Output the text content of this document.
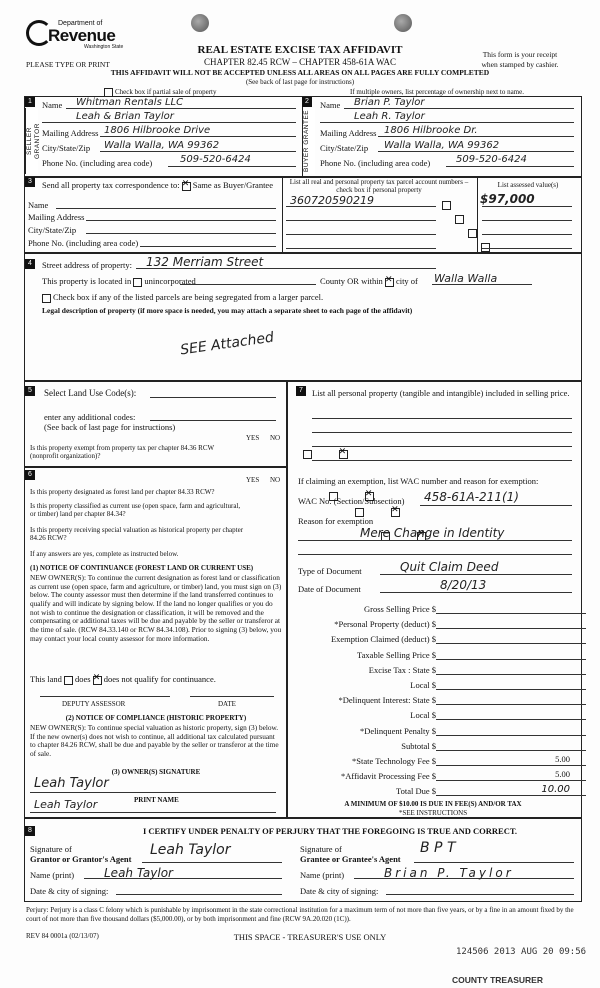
Department of
Revenue
Washington State
PLEASE TYPE OR PRINT
REAL ESTATE EXCISE TAX AFFIDAVIT
CHAPTER 82.45 RCW – CHAPTER 458-61A WAC
THIS AFFIDAVIT WILL NOT BE ACCEPTED UNLESS ALL AREAS ON ALL PAGES ARE FULLY COMPLETED
(See back of last page for instructions)
This form is your receipt
when stamped by cashier.
Check box if partial sale of property	If multiple owners, list percentage of ownership next to name.
1
SELLER GRANTOR
Name Whitman Rentals LLC
Leah & Brian Taylor
Mailing Address 1806 Hilbrooke Drive
City/State/Zip Walla Walla, WA 99362
Phone No. (including area code)	509-520-6424
2
BUYER GRANTEE
Name Brian P. Taylor
Leah R. Taylor
Mailing Address 1806 Hilbrooke Dr.
City/State/Zip Walla Walla, WA 99362
Phone No. (including area code)	509-520-6424
3	Send all property tax correspondence to: ✕ Same as Buyer/Grantee
Name
Mailing Address
City/State/Zip
Phone No. (including area code)
List all real and personal property tax parcel account numbers – check box if personal property
List assessed value(s)
360720590219	$97,000

4	Street address of property: 132 Merriam Street
This property is located in unincorporated	County OR within ✕ city of Walla Walla
Check box if any of the listed parcels are being segregated from a larger parcel.
Legal description of property (if more space is needed, you may attach a separate sheet to each page of the affidavit)
SEE Attached
5	Select Land Use Code(s):
enter any additional codes:
(See back of last page for instructions)
YES NO
Is this property exempt from property tax per chapter 84.36 RCW (nonprofit organization)?
✕
6
YES NO
Is this property designated as forest land per chapter 84.33 RCW?
✕
Is this property classified as current use (open space, farm and agricultural, or timber) land per chapter 84.34?
✕
Is this property receiving special valuation as historical property per chapter 84.26 RCW?
✕
If any answers are yes, complete as instructed below.
(1) NOTICE OF CONTINUANCE (FOREST LAND OR CURRENT USE)
NEW OWNER(S): To continue the current designation as forest land or classification as current use (open space, farm and agriculture, or timber) land, you must sign on (3) below. The county assessor must then determine if the land transferred continues to qualify and will indicate by signing below. If the land no longer qualifies or you do not wish to continue the designation or classification, it will be removed and the compensating or additional taxes will be due and payable by the seller or transferor at the time of sale. (RCW 84.33.140 or RCW 84.34.108). Prior to signing (3) below, you may contact your local county assessor for more information.
This land does ✕ does not qualify for continuance.
DEPUTY ASSESSOR	DATE
(2) NOTICE OF COMPLIANCE (HISTORIC PROPERTY)
NEW OWNER(S): To continue special valuation as historic property, sign (3) below. If the new owner(s) does not wish to continue, all additional tax calculated pursuant to chapter 84.26 RCW, shall be due and payable by the seller or transferor at the time of sale.
(3) OWNER(S) SIGNATURE
Leah Taylor
PRINT NAME
Leah Taylor
7	List all personal property (tangible and intangible) included in selling price.
If claiming an exemption, list WAC number and reason for exemption:
WAC No. (Section/Subsection) 458-61A-211(1)
Reason for exemption
Mere Change in Identity
Type of Document	Quit Claim Deed
Date of Document	8/20/13
Gross Selling Price $
*Personal Property (deduct) $
Exemption Claimed (deduct) $
Taxable Selling Price $
Excise Tax : State $
Local $
*Delinquent Interest: State $
Local $
*Delinquent Penalty $
Subtotal $
*State Technology Fee $	5.00
*Affidavit Processing Fee $	5.00
Total Due $	10.00
A MINIMUM OF $10.00 IS DUE IN FEE(S) AND/OR TAX
*SEE INSTRUCTIONS
8	I CERTIFY UNDER PENALTY OF PERJURY THAT THE FOREGOING IS TRUE AND CORRECT.
Signature of
Grantor or Grantor's Agent
Leah Taylor
Name (print) Leah Taylor
Date & city of signing:
Signature of
Grantee or Grantee's Agent
B P T
Name (print)	Brian P. Taylor
Date & city of signing:
Perjury: Perjury is a class C felony which is punishable by imprisonment in the state correctional institution for a maximum term of not more than five years, or by a fine in an amount fixed by the court of not more than five thousand dollars ($5,000.00), or by both imprisonment and fine (RCW 9A.20.020 (1C)).
REV 84 0001a (02/13/07)	THIS SPACE - TREASURER'S USE ONLY
124506 2013 AUG 20 09:56
COUNTY TREASURER
